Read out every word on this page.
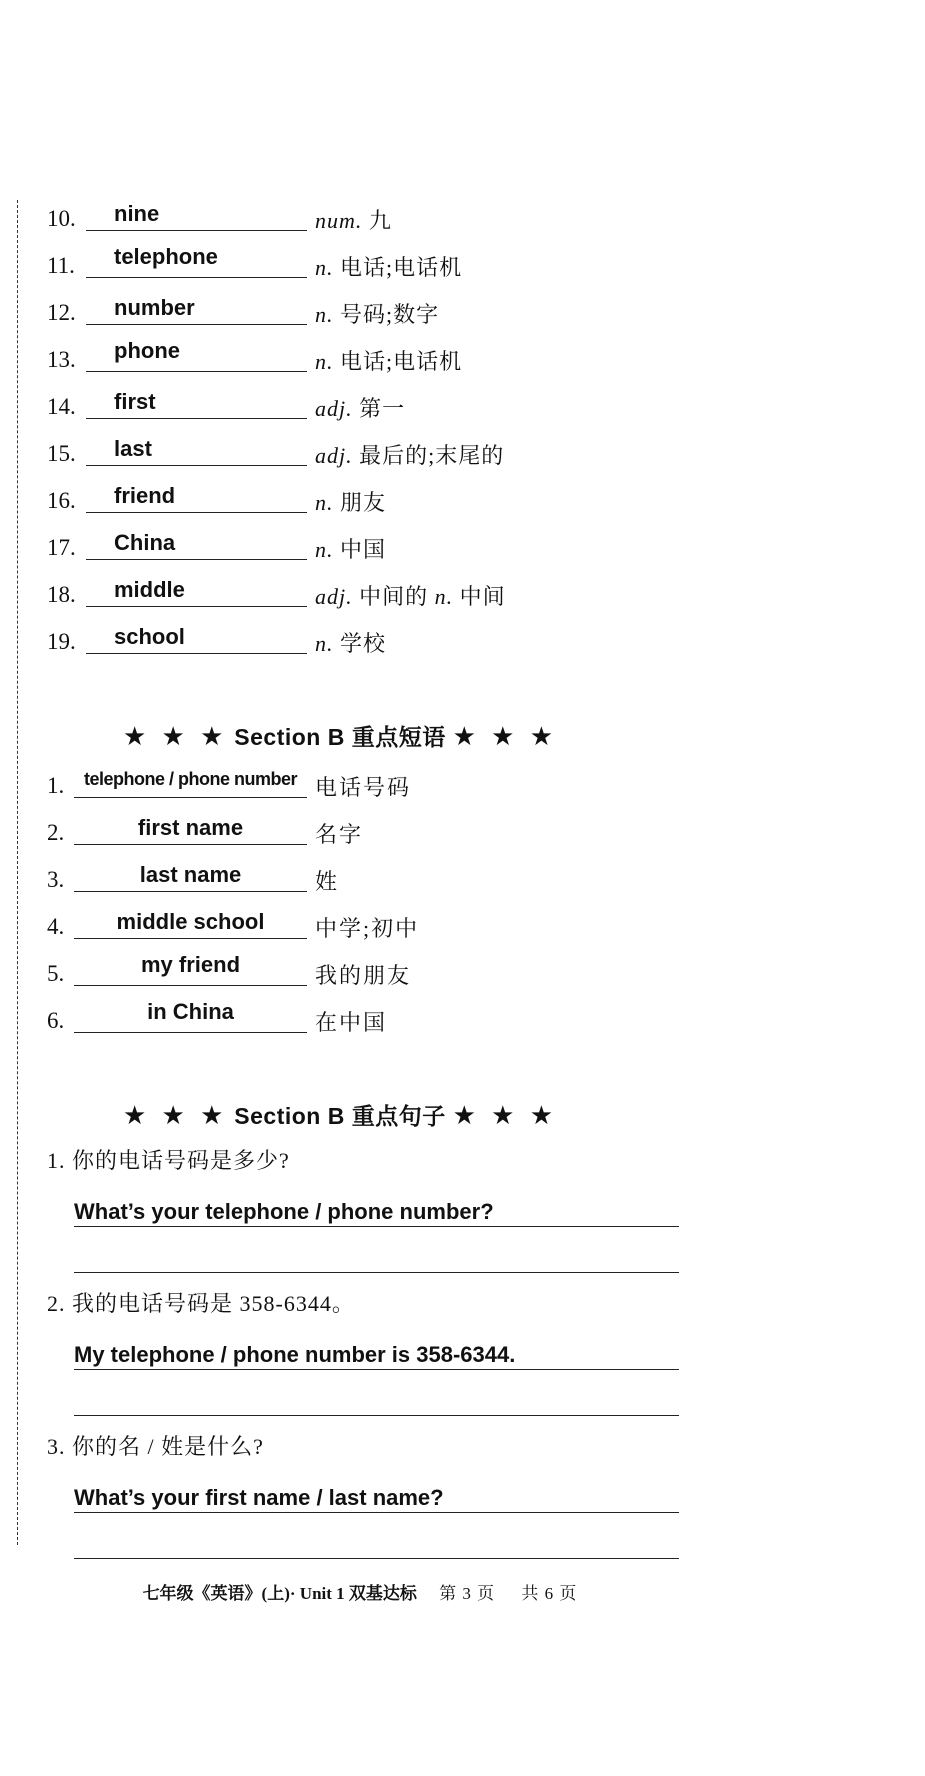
10. nine	num. 九
11. telephone	n. 电话;电话机
12. number	n. 号码;数字
13. phone	n. 电话;电话机
14. first	adj. 第一
15. last	adj. 最后的;末尾的
16. friend	n. 朋友
17. China	n. 中国
18. middle	adj. 中间的 n. 中间
19. school	n. 学校
★ ★ ★ Section B 重点短语 ★ ★ ★
1.	telephone / phone number 电话号码
2.	first name	名字
3.	last name	姓
4.	middle school	中学;初中
5.	my friend	我的朋友
6.	in China	在中国
★ ★ ★ Section B 重点句子 ★ ★ ★
1. 你的电话号码是多少?
What’s your telephone / phone number?
2. 我的电话号码是 358-6344。
My telephone / phone number is 358-6344.
3. 你的名 / 姓是什么?
What’s your first name / last name?
七年级《英语》(上)· Unit 1 双基达标 第 3 页 共 6 页
